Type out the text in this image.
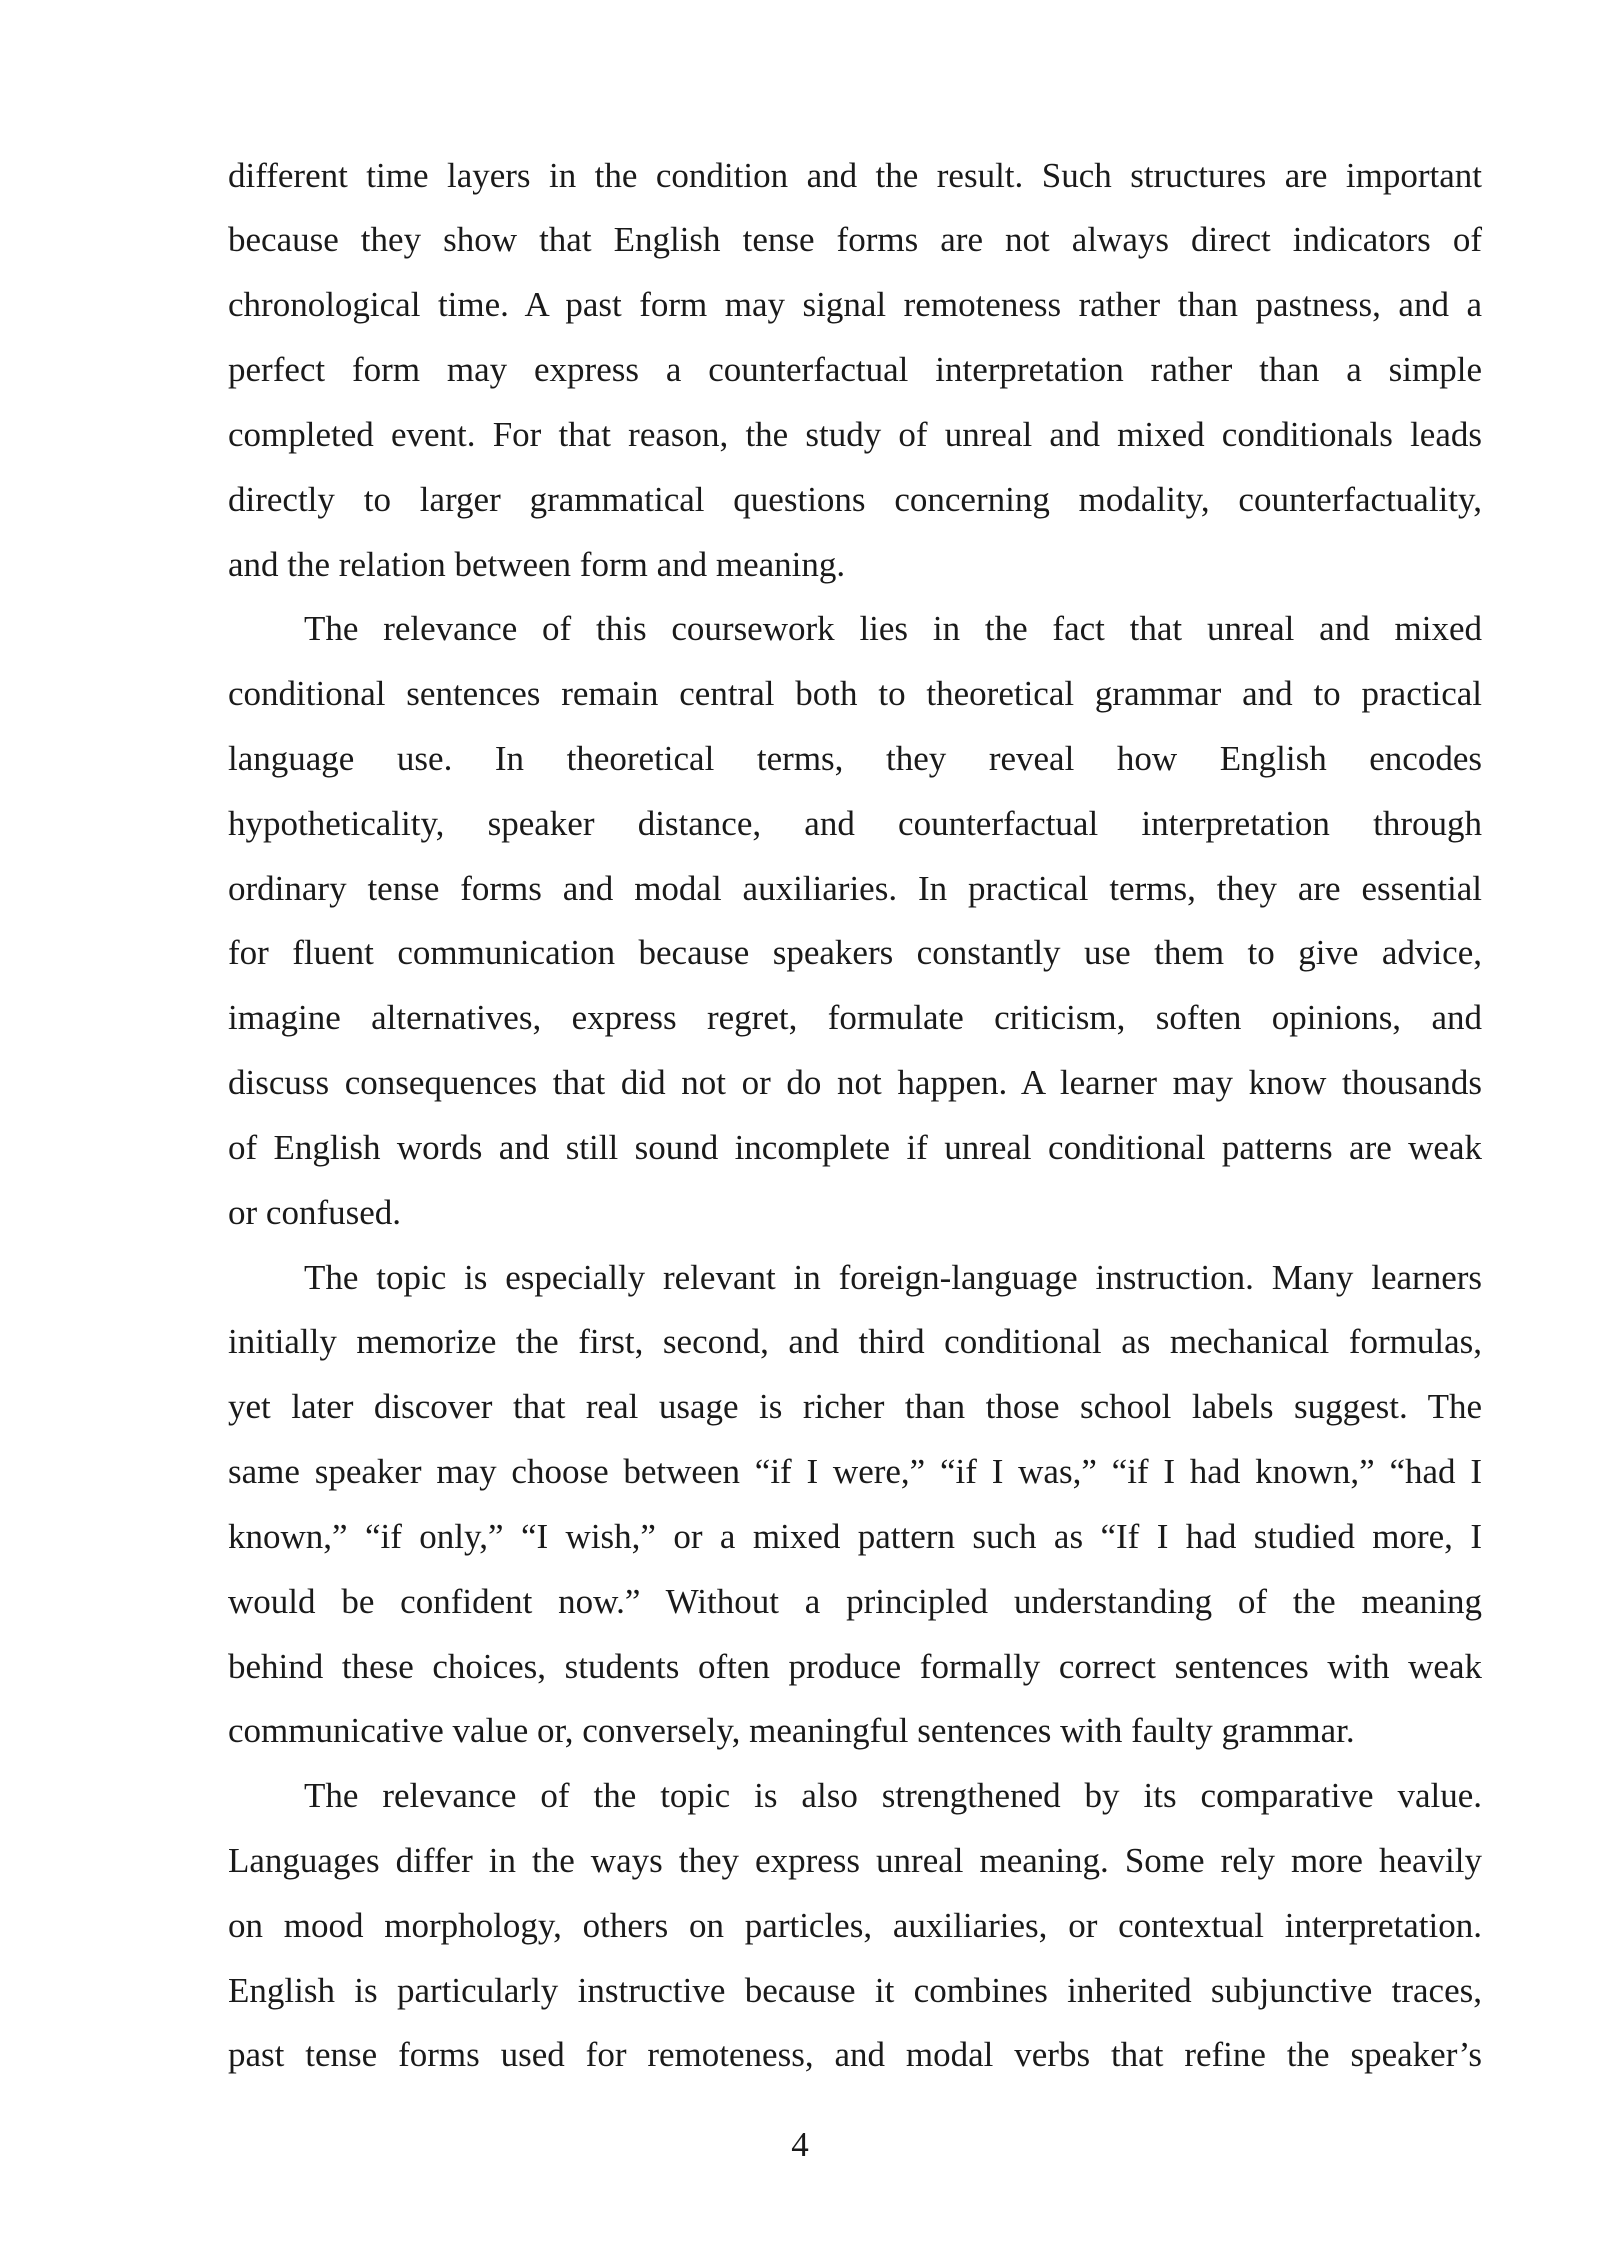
different time layers in the condition and the result. Such structures are important
because they show that English tense forms are not always direct indicators of
chronological time. A past form may signal remoteness rather than pastness, and a
perfect form may express a counterfactual interpretation rather than a simple
completed event. For that reason, the study of unreal and mixed conditionals leads
directly to larger grammatical questions concerning modality, counterfactuality,
and the relation between form and meaning.
The relevance of this coursework lies in the fact that unreal and mixed
conditional sentences remain central both to theoretical grammar and to practical
language use. In theoretical terms, they reveal how English encodes
hypotheticality, speaker distance, and counterfactual interpretation through
ordinary tense forms and modal auxiliaries. In practical terms, they are essential
for fluent communication because speakers constantly use them to give advice,
imagine alternatives, express regret, formulate criticism, soften opinions, and
discuss consequences that did not or do not happen. A learner may know thousands
of English words and still sound incomplete if unreal conditional patterns are weak
or confused.
The topic is especially relevant in foreign-language instruction. Many learners
initially memorize the first, second, and third conditional as mechanical formulas,
yet later discover that real usage is richer than those school labels suggest. The
same speaker may choose between “if I were,” “if I was,” “if I had known,” “had I
known,” “if only,” “I wish,” or a mixed pattern such as “If I had studied more, I
would be confident now.” Without a principled understanding of the meaning
behind these choices, students often produce formally correct sentences with weak
communicative value or, conversely, meaningful sentences with faulty grammar.
The relevance of the topic is also strengthened by its comparative value.
Languages differ in the ways they express unreal meaning. Some rely more heavily
on mood morphology, others on particles, auxiliaries, or contextual interpretation.
English is particularly instructive because it combines inherited subjunctive traces,
past tense forms used for remoteness, and modal verbs that refine the speaker’s
4
